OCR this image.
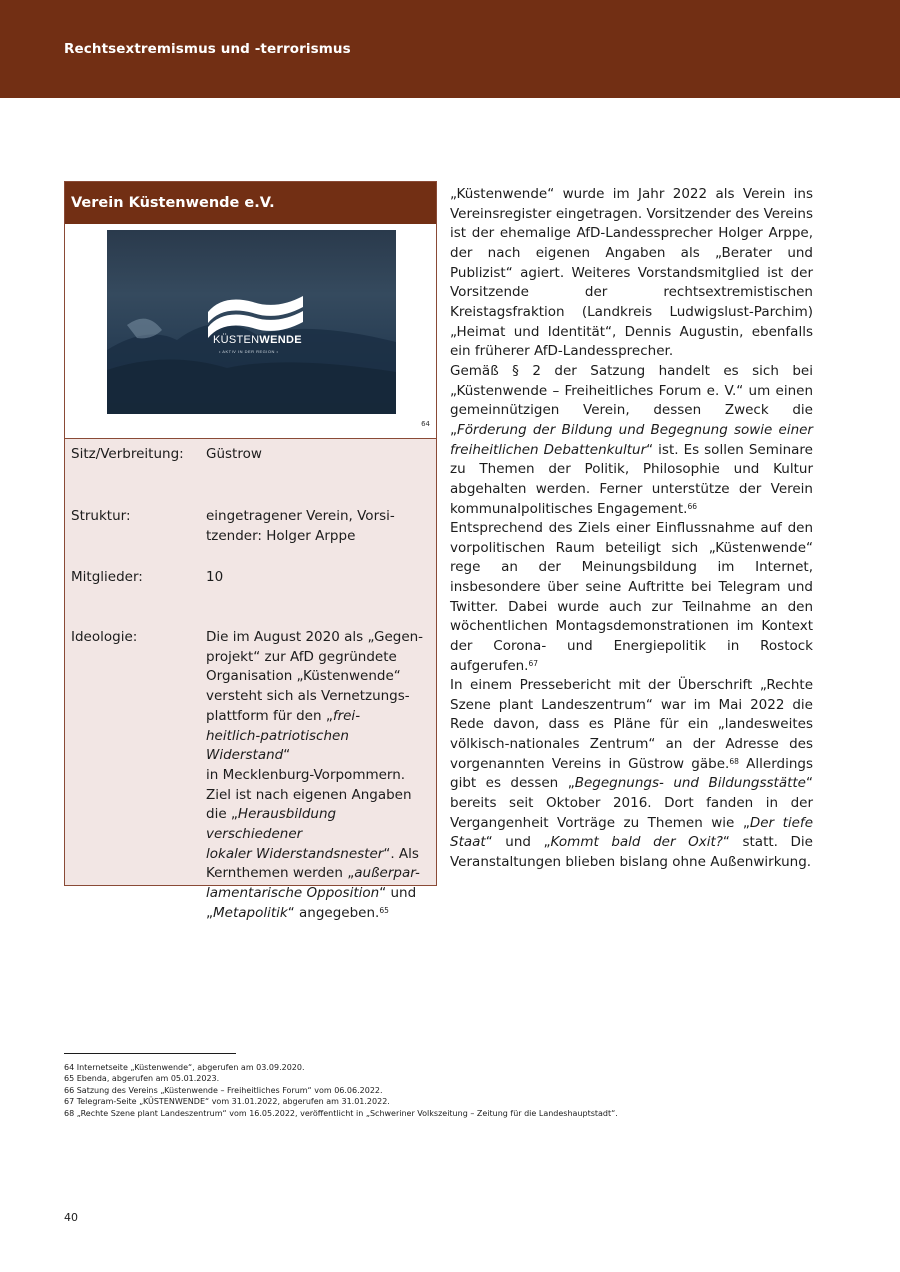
Rechtsextremismus und -terrorismus
Verein Küstenwende e.V.
KÜSTENWENDE
• AKTIV IN DER REGION •
64
Sitz/Verbreitung:	Güstrow
Struktur:	eingetragener Verein, Vorsi-
tzender: Holger Arppe
Mitglieder:	10
Ideologie:	Die im August 2020 als „Gegen-
projekt“ zur AfD gegründete
Organisation „Küstenwende“
versteht sich als Vernetzungs-
plattform für den „frei-
heitlich-patriotischen Widerstand“
in Mecklenburg-Vorpommern.
Ziel ist nach eigenen Angaben
die „Herausbildung verschiedener
lokaler Widerstandsnester“. Als
Kernthemen werden „außerpar-
lamentarische Opposition“ und
„Metapolitik“ angegeben.$^{65}$

„Küstenwende“ wurde im Jahr 2022 als Verein ins Vereinsregister eingetragen. Vorsitzender des Vereins ist der ehemalige AfD-Landessprecher Holger Arppe, der nach eigenen Angaben als „Berater und Publizist“ agiert. Weiteres Vorstandsmitglied ist der Vorsitzende der rechtsextremistischen Kreistagsfraktion (Landkreis Ludwigslust-Parchim) „Heimat und Identität“, Dennis Augustin, ebenfalls ein früherer AfD-Landessprecher.

Gemäß § 2 der Satzung handelt es sich bei „Küstenwende – Freiheitliches Forum e. V.“ um einen gemeinnützigen Verein, dessen Zweck die „Förderung der Bildung und Begegnung sowie einer freiheitlichen Debattenkultur“ ist. Es sollen Seminare zu Themen der Politik, Philosophie und Kultur abgehalten werden. Ferner unterstütze der Verein kommunalpolitisches Engagement.$^{66}$

Entsprechend des Ziels einer Einflussnahme auf den vorpolitischen Raum beteiligt sich „Küstenwende“ rege an der Meinungsbildung im Internet, insbesondere über seine Auftritte bei Telegram und Twitter. Dabei wurde auch zur Teilnahme an den wöchentlichen Montagsdemonstrationen im Kontext der Corona- und Energiepolitik in Rostock aufgerufen.$^{67}$

In einem Pressebericht mit der Überschrift „Rechte Szene plant Landeszentrum“ war im Mai 2022 die Rede davon, dass es Pläne für ein „landesweites völkisch-nationales Zentrum“ an der Adresse des vorgenannten Vereins in Güstrow gäbe.$^{68}$ Allerdings gibt es dessen „Begegnungs- und Bildungsstätte“ bereits seit Oktober 2016. Dort fanden in der Vergangenheit Vorträge zu Themen wie „Der tiefe Staat“ und „Kommt bald der Oxit?“ statt. Die Veranstaltungen blieben bislang ohne Außenwirkung.

64 Internetseite „Küstenwende“, abgerufen am 03.09.2020.
65 Ebenda, abgerufen am 05.01.2023.
66 Satzung des Vereins „Küstenwende – Freiheitliches Forum“ vom 06.06.2022.
67 Telegram-Seite „KÜSTENWENDE“ vom 31.01.2022, abgerufen am 31.01.2022.
68 „Rechte Szene plant Landeszentrum“ vom 16.05.2022, veröffentlicht in „Schweriner Volkszeitung – Zeitung für die Landeshauptstadt“.
40
